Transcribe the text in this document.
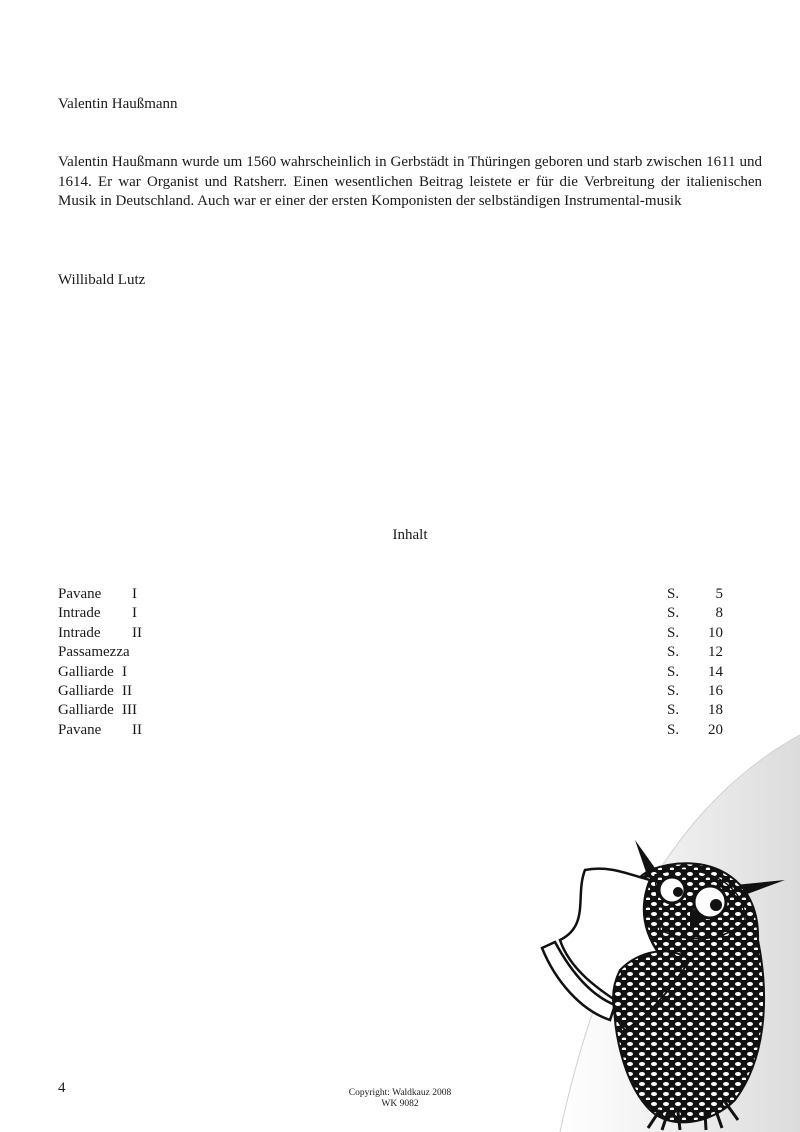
Valentin Haußmann

Valentin Haußmann wurde um 1560 wahrscheinlich in Gerbstädt in Thüringen geboren und starb zwischen 1611 und 1614. Er war Organist und Ratsherr. Einen wesentlichen Beitrag leistete er für die Verbreitung der italienischen Musik in Deutschland. Auch war er einer der ersten Komponisten der selbständigen Instrumental-musik

Willibald Lutz

Inhalt
Pavane I	S. 5
Intrade I	S. 8
Intrade II	S. 10
Passamezza	S. 12
Galliarde I	S. 14
Galliarde II	S. 16
Galliarde III	S. 18
Pavane II	S. 20

4	Copyright: Waldkauz 2008
WK 9082
